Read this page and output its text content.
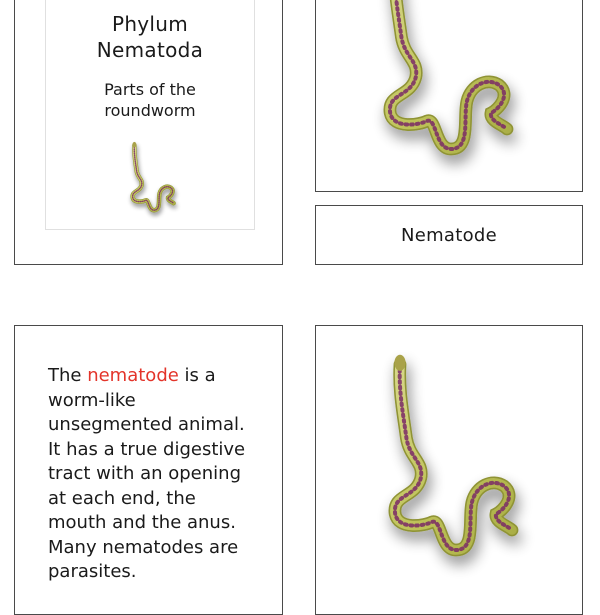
Phylum
Nematoda
Parts of the
roundworm
Nematode
The nematode is a worm-like unsegmented animal. It has a true digestive tract with an opening at each end, the mouth and the anus. Many nematodes are parasites.
